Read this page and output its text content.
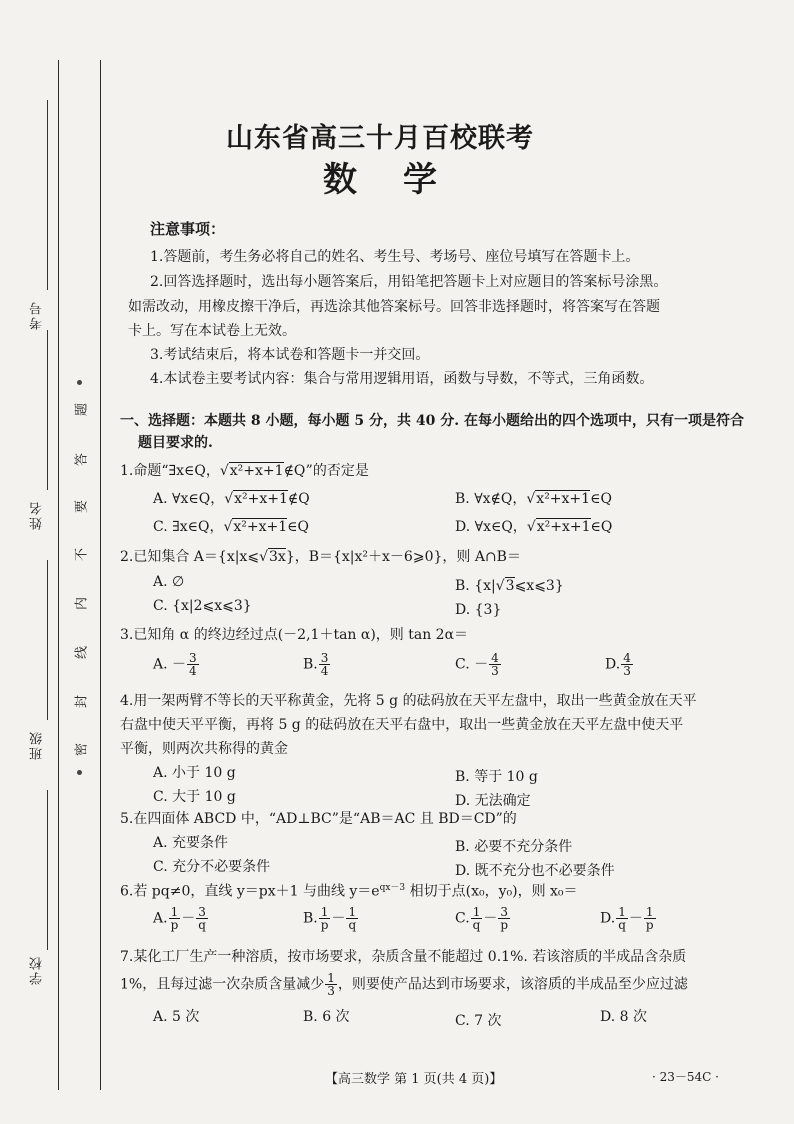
考号
姓名
班级
学校
题
答
要
不
内
线
封
密
山东省高三十月百校联考
数学
注意事项：
1.答题前，考生务必将自己的姓名、考生号、考场号、座位号填写在答题卡上。
2.回答选择题时，选出每小题答案后，用铅笔把答题卡上对应题目的答案标号涂黑。
如需改动，用橡皮擦干净后，再选涂其他答案标号。回答非选择题时，将答案写在答题
卡上。写在本试卷上无效。
3.考试结束后，将本试卷和答题卡一并交回。
4.本试卷主要考试内容：集合与常用逻辑用语，函数与导数，不等式，三角函数。
一、选择题：本题共 8 小题，每小题 5 分，共 40 分. 在每小题给出的四个选项中，只有一项是符合
题目要求的.
1.命题“∃x∈Q，√x²+x+1∉Q”的否定是
A. ∀x∈Q，√x²+x+1∉Q	B. ∀x∉Q，√x²+x+1∈Q
C. ∃x∈Q，√x²+x+1∈Q	D. ∀x∈Q，√x²+x+1∈Q
2.已知集合 A＝{x|x⩽√3x}，B＝{x|x²＋x－6⩾0}，则 A∩B＝
A. ∅	B. {x|√3⩽x⩽3}
C. {x|2⩽x⩽3}	D. {3}
3.已知角 α 的终边经过点(－2,1＋tan α)，则 tan 2α＝
A. － $\frac{3}{4}$	B. $\frac{3}{4}$	C. － $\frac{4}{3}$	D. $\frac{4}{3}$
4.用一架两臂不等长的天平称黄金，先将 5 g 的砝码放在天平左盘中，取出一些黄金放在天平
右盘中使天平平衡，再将 5 g 的砝码放在天平右盘中，取出一些黄金放在天平左盘中使天平
平衡，则两次共称得的黄金
A. 小于 10 g	B. 等于 10 g
C. 大于 10 g	D. 无法确定
5.在四面体 ABCD 中，“AD⊥BC”是“AB＝AC 且 BD＝CD”的
A. 充要条件	B. 必要不充分条件
C. 充分不必要条件	D. 既不充分也不必要条件
6.若 pq≠0，直线 y＝px＋1 与曲线 $y=e^{qx-3}$ 相切于点(x₀，y₀)，则 x₀＝
A. $\frac{1}{p} - \frac{3}{q}$	B. $\frac{1}{p} - \frac{1}{q}$	C. $\frac{1}{q} - \frac{3}{p}$	D. $\frac{1}{q} - \frac{1}{p}$
7.某化工厂生产一种溶质，按市场要求，杂质含量不能超过 0.1%. 若该溶质的半成品含杂质
1%，且每过滤一次杂质含量减少 $\frac{1}{3}$ ，则要使产品达到市场要求，该溶质的半成品至少应过滤
A. 5 次	B. 6 次	C. 7 次	D. 8 次
【高三数学 第 1 页(共 4 页)】	· 23－54C ·
